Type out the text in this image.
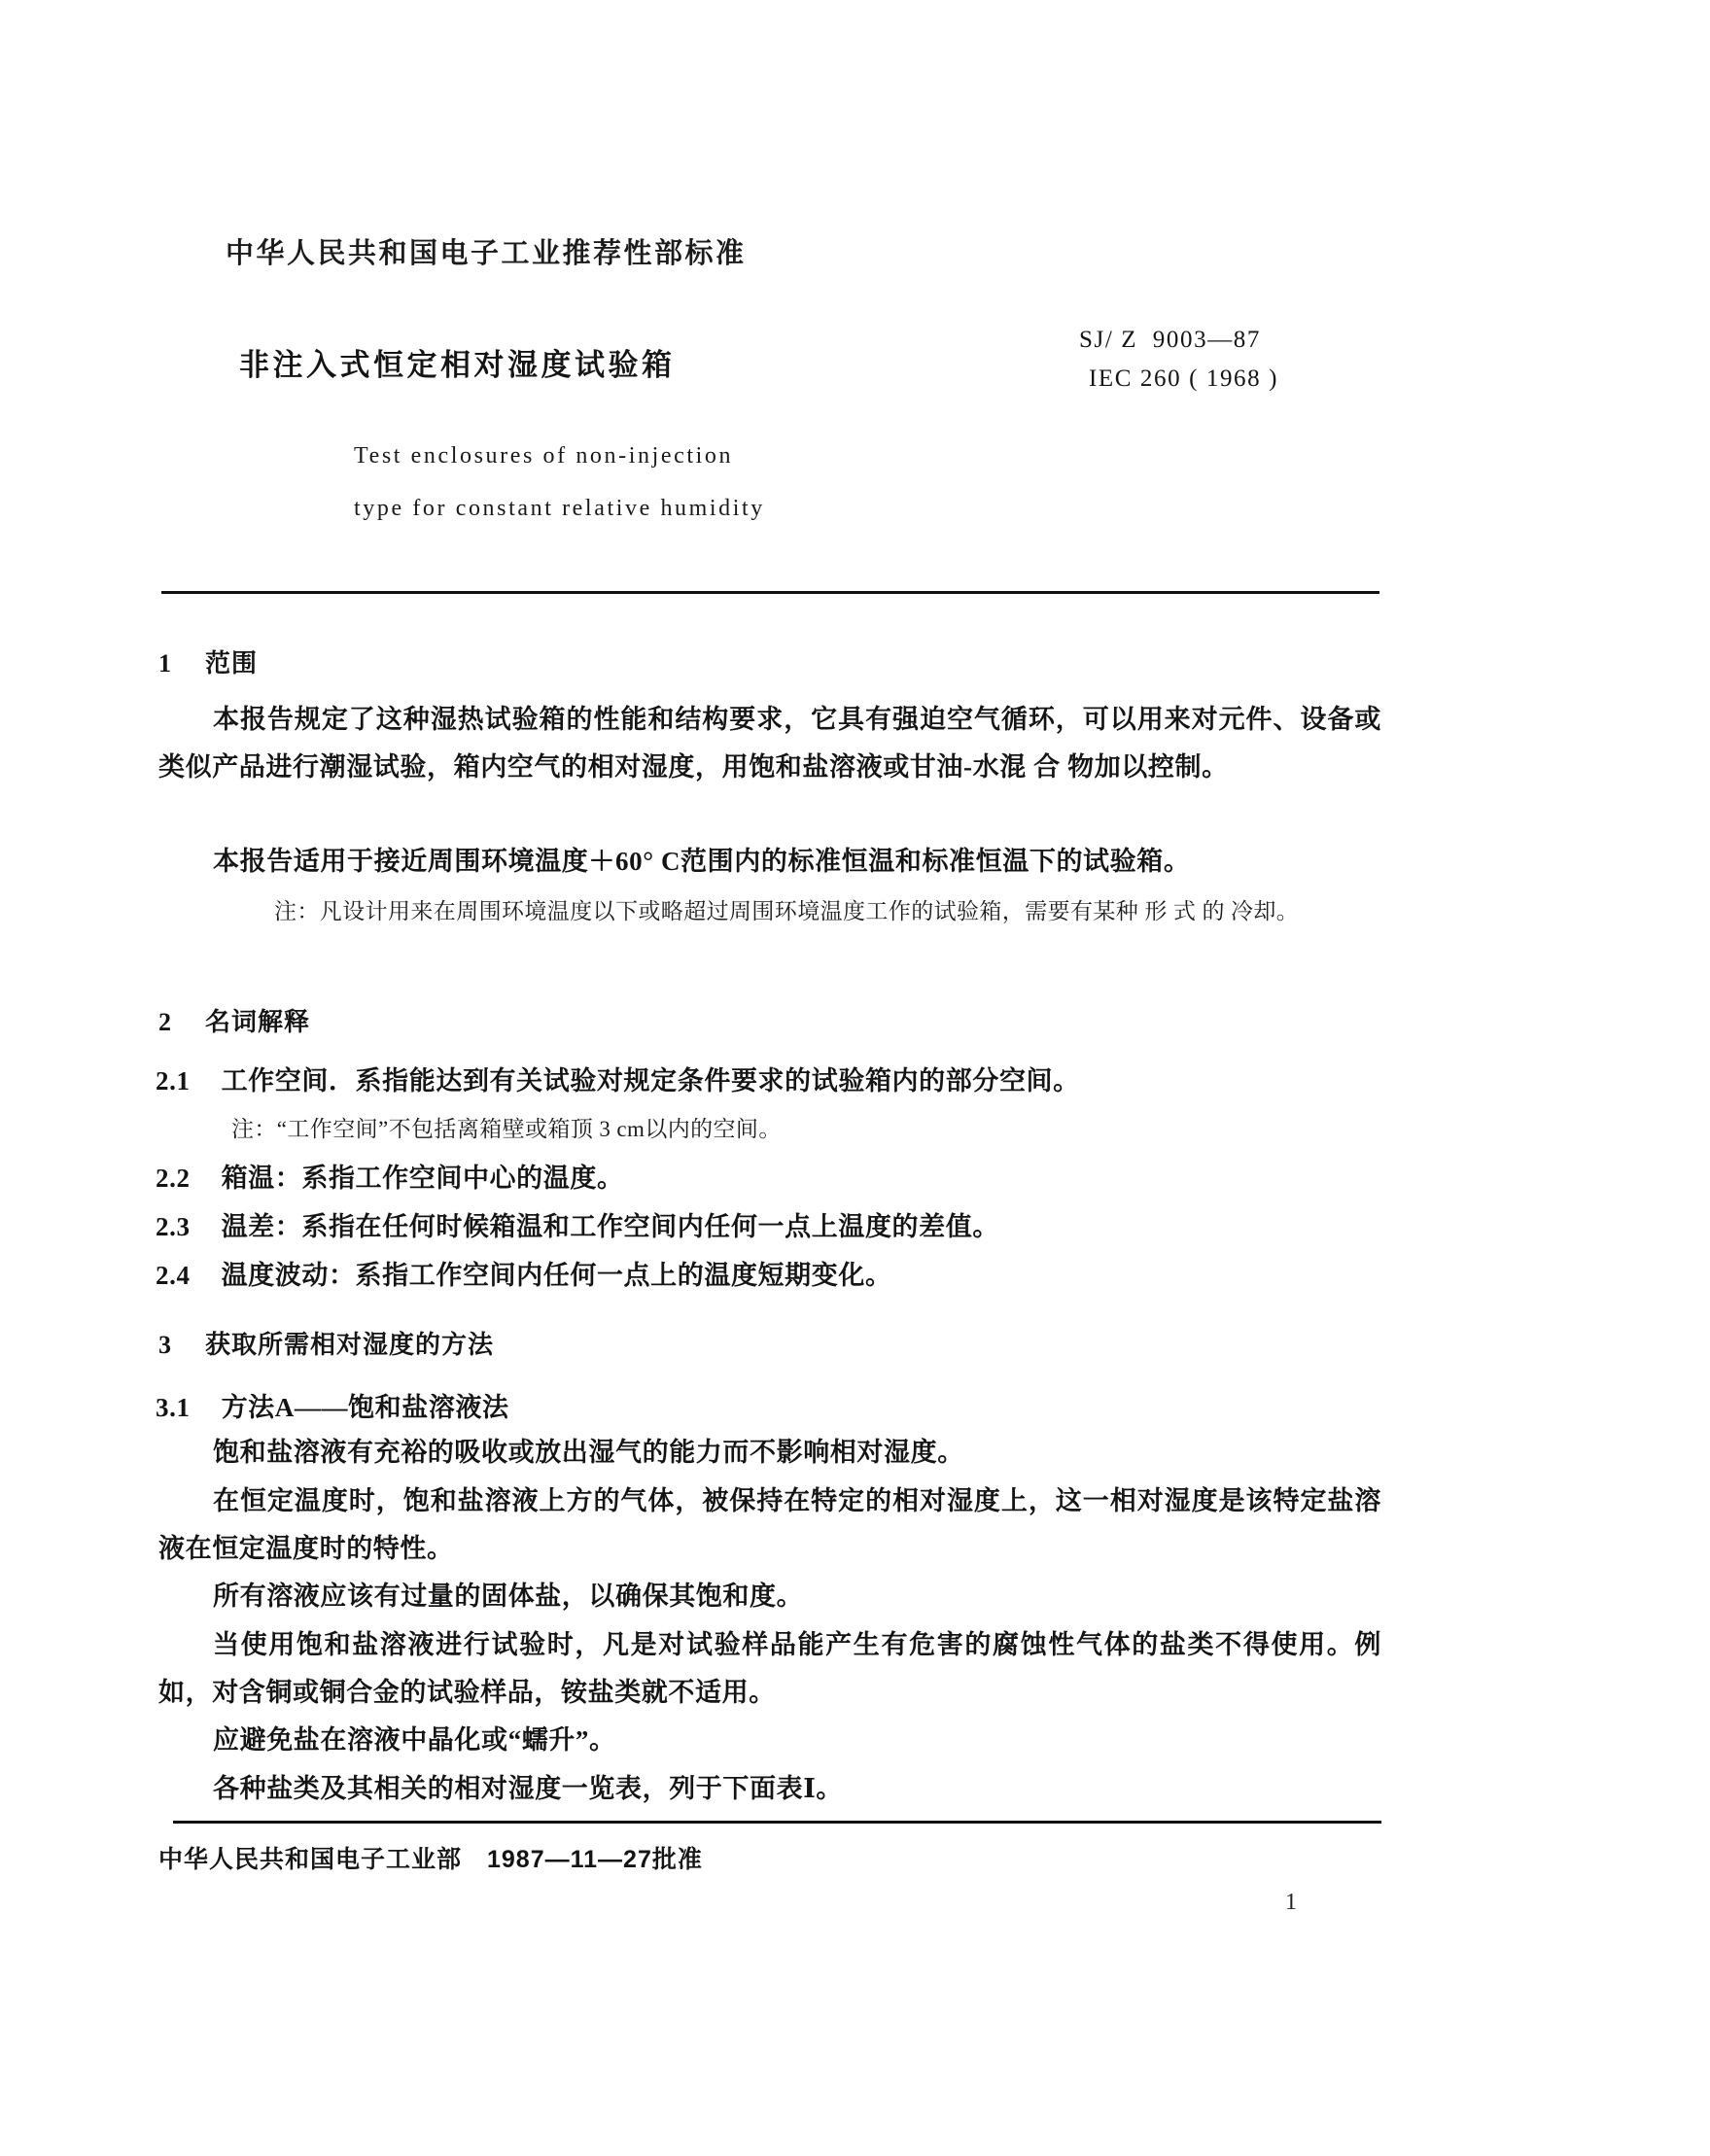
中华人民共和国电子工业推荐性部标准
非注入式恒定相对湿度试验箱
SJ/ Z  9003—87
IEC 260 ( 1968 )
Test enclosures of non-injection
type for constant relative humidity
1 范围
本报告规定了这种湿热试验箱的性能和结构要求，它具有强迫空气循环，可以用来对元件、设备或类似产品进行潮湿试验，箱内空气的相对湿度，用饱和盐溶液或甘油-水混 合 物加以控制。
本报告适用于接近周围环境温度＋60° C范围内的标准恒温和标准恒温下的试验箱。
注：凡设计用来在周围环境温度以下或略超过周围环境温度工作的试验箱，需要有某种 形 式 的 冷却。
2 名词解释
2.1 工作空间．系指能达到有关试验对规定条件要求的试验箱内的部分空间。
注：“工作空间”不包括离箱壁或箱顶 3 cm以内的空间。
2.2 箱温：系指工作空间中心的温度。
2.3 温差：系指在任何时候箱温和工作空间内任何一点上温度的差值。
2.4 温度波动：系指工作空间内任何一点上的温度短期变化。
3 获取所需相对湿度的方法
3.1 方法A——饱和盐溶液法
饱和盐溶液有充裕的吸收或放出湿气的能力而不影响相对湿度。
在恒定温度时，饱和盐溶液上方的气体，被保持在特定的相对湿度上，这一相对湿度是该特定盐溶液在恒定温度时的特性。
所有溶液应该有过量的固体盐，以确保其饱和度。
当使用饱和盐溶液进行试验时，凡是对试验样品能产生有危害的腐蚀性气体的盐类不得使用。例如，对含铜或铜合金的试验样品，铵盐类就不适用。
应避免盐在溶液中晶化或“蠕升”。
各种盐类及其相关的相对湿度一览表，列于下面表Ⅰ。
中华人民共和国电子工业部　1987—11—27批准
1
